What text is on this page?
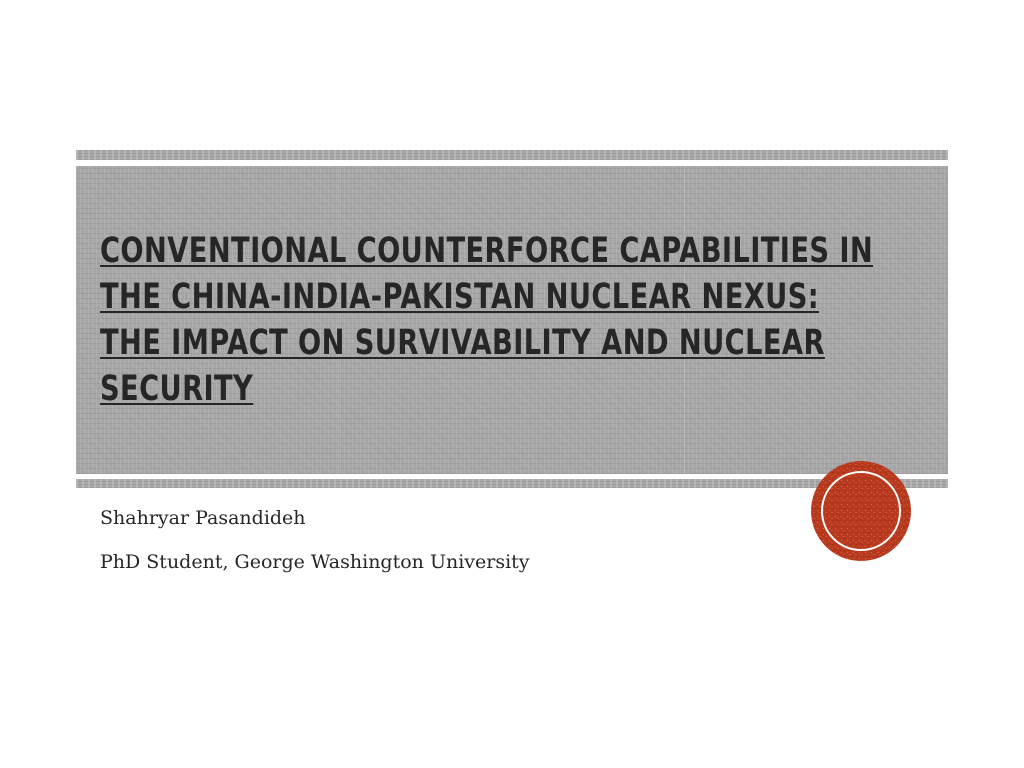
CONVENTIONAL COUNTERFORCE CAPABILITIES IN
THE CHINA-INDIA-PAKISTAN NUCLEAR NEXUS:
THE IMPACT ON SURVIVABILITY AND NUCLEAR
SECURITY
Shahryar Pasandideh
PhD Student, George Washington University
